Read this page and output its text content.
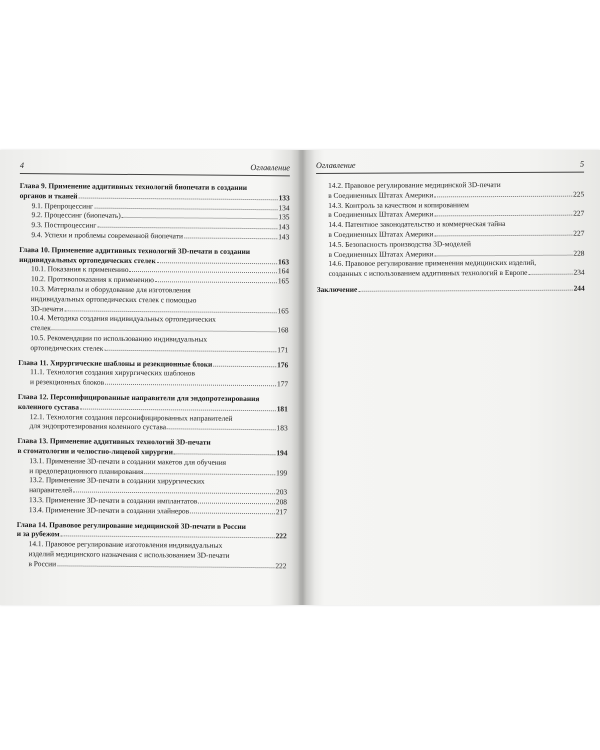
4	Оглавление
Глава 9. Применение аддитивных технологий биопечати в создании
органов и тканей	133
9.1. Препроцессинг	134
9.2. Процессинг (биопечать)	135
9.3. Постпроцессинг	143
9.4. Успехи и проблемы современной биопечати	143
Глава 10. Применение аддитивных технологий 3D-печати в создании
индивидуальных ортопедических стелек	163
10.1. Показания к применению	164
10.2. Противопоказания к применению	165
10.3. Материалы и оборудование для изготовления
индивидуальных ортопедических стелек с помощью
3D-печати	165
10.4. Методика создания индивидуальных ортопедических
стелек	168
10.5. Рекомендации по использованию индивидуальных
ортопедических стелек	171
Глава 11. Хирургические шаблоны и резекционные блоки	176
11.1. Технология создания хирургических шаблонов
и резекционных блоков	177
Глава 12. Персонифицированные направители для эндопротезирования
коленного сустава	181
12.1. Технология создания персонифицированных направителей
для эндопротезирования коленного сустава	183
Глава 13. Применение аддитивных технологий 3D-печати
в стоматологии и челюстно-лицевой хирургии	194
13.1. Применение 3D-печати в создании макетов для обучения
и предоперационного планирования	199
13.2. Применение 3D-печати в создании хирургических
направителей	203
13.3. Применение 3D-печати в создании имплантатов	208
13.4. Применение 3D-печати в создании элайнеров	217
Глава 14. Правовое регулирование медицинской 3D-печати в России
и за рубежом	222
14.1. Правовое регулирование изготовления индивидуальных
изделий медицинского назначения с использованием 3D-печати
в России	222
Оглавление	5
14.2. Правовое регулирование медицинской 3D-печати
в Соединенных Штатах Америки	225
14.3. Контроль за качеством и копированием
в Соединенных Штатах Америки	227
14.4. Патентное законодательство и коммерческая тайна
в Соединенных Штатах Америки	227
14.5. Безопасность производства 3D-моделей
в Соединенных Штатах Америки	228
14.6. Правовое регулирование применения медицинских изделий,
созданных с использованием аддитивных технологий в Европе	234
Заключение	244
